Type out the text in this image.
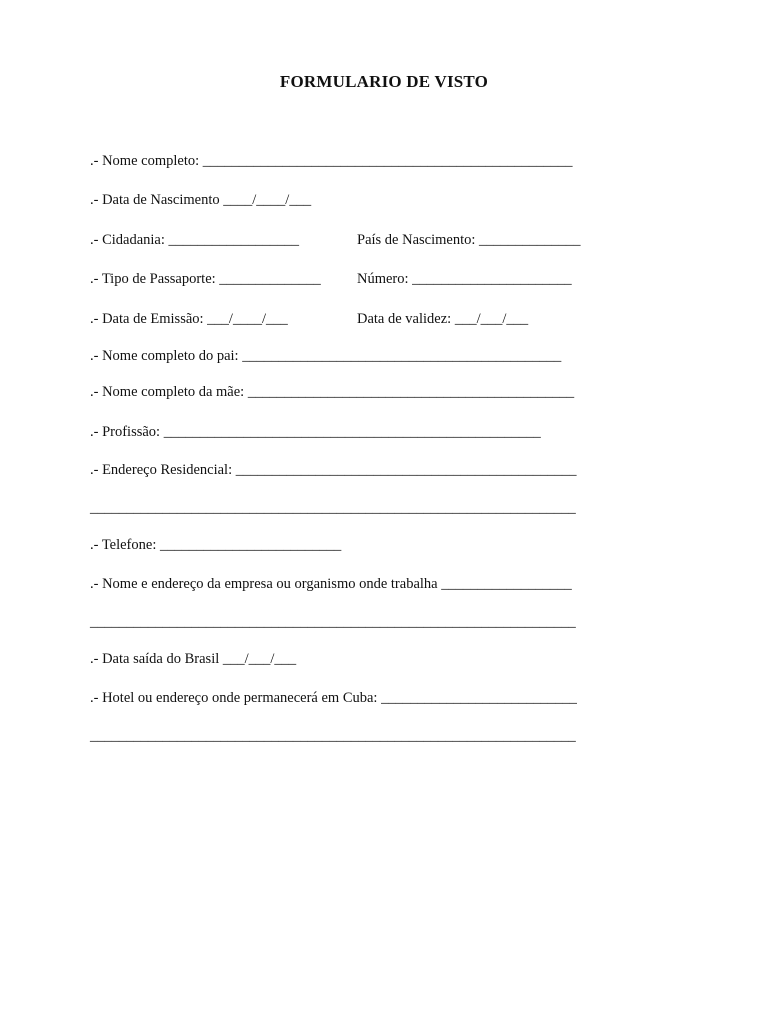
FORMULARIO DE VISTO
.- Nome completo: ___________________________________________________
.- Data de Nascimento ____/____/___
.- Cidadania: __________________	País de Nascimento: ______________
.- Tipo de Passaporte: ______________ Número: ______________________
.- Data de Emissão: ___/____/___	Data de validez: ___/___/___
.- Nome completo do pai: ____________________________________________
.- Nome completo da mãe: _____________________________________________
.- Profissão: ____________________________________________________
.- Endereço Residencial: _______________________________________________
___________________________________________________________________
.- Telefone: _________________________
.- Nome e endereço da empresa ou organismo onde trabalha __________________
___________________________________________________________________
.- Data saída do Brasil ___/___/___
.- Hotel ou endereço onde permanecerá em Cuba: ___________________________
___________________________________________________________________
